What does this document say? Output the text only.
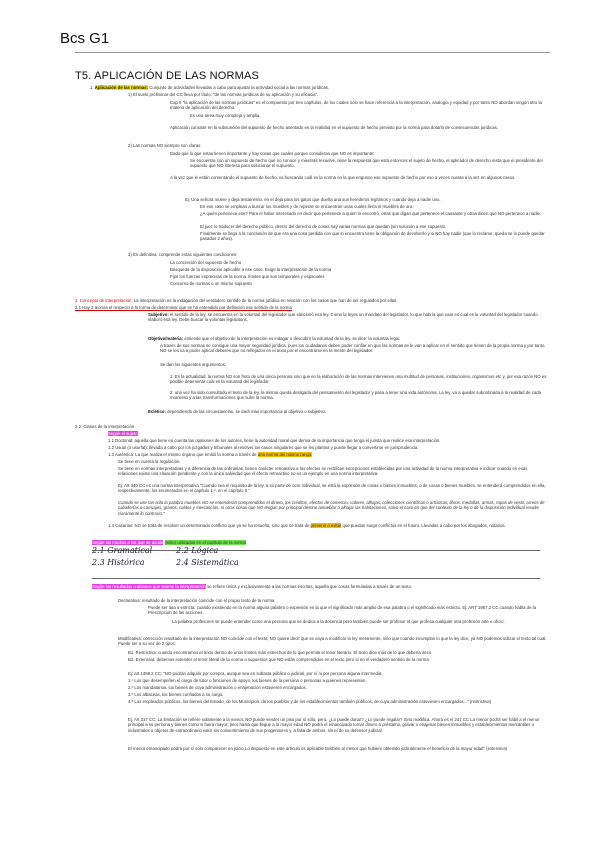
Bcs G1
T5. APLICACIÓN DE LAS NORMAS
1. Aplicación de las normas: Conjunto de actividades llevadas a cabo para ajustar la actividad social a las normas jurídicas.
1) El suelo preliminar del CC lleva por título: "de las normas jurídicas de su aplicación y su eficacia".
Cap II "la aplicación de las normas jurídicas" es el compuesto por tres capítulos, de los cuales sólo se hace referencia a la interpretación, analogía y equidad y por tanto NO abordan ningún otro la materia de aplicación del derecho.
Es una tarea muy compleja y amplia.
Aplicación consiste en la subsunción del supuesto de hecho asentado en la realidad en el supuesto de hecho previsto por la norma para dotarlo de consecuencias jurídicas.
2) Las normas NO siempre son claras
Dado que lo que estas tienen importante y hay cosas que cuales porque consideran que NO es importante:
Se encuentra con un supuesto de hecho que no conoce y mientras resuelve, tiene la respuesta que está entonces el sujeto de hecho, el aplicador de derecho resta que el presidente del supuesto que NO interesa para solucionar el supuesto.
A la vez que le están comentando el supuesto de hecho, va buscando cuál es la norma en la que engunce ese supuesto de hecho por eso a veces cuesta a la vez en algunos casos.
Ej: Una señora muere y deja testamento, en el deja para los gatos que dueña una sus herederos legítimos y cuando deja a nadie uno.
En ese caso se emplean a buscar los muebles y de repente se encuentran unas cuales llena el muebles de oro.
¿A quién pertenece ese? Para el haber interesado en decir que pertenece a quien lo encontró, otras que digan que pertenece el causante y otras dicen que NO pertenece a nadie.
El juez lo traducer del derecho público, dentro del derecho de cosas hay varias normas que quedan (sin solución a ese supuesto.
Finalmente se llegó a la conclusión de que era una cosa perdida con que lo encuentra tiene la obligación de devolverlo y si NO hay nadie (que lo reclame, queda se lo puede quedar pasados 2 años).
3) En definitiva, comprende estas siguientes condiciones:
La concreción del supuesto de hecho
Búsqueda de la disposición aplicable a ese caso. Exige la interpretación de la norma
Fijar los fuerzas imprecisas de la norma, límites que son temporales y espaciales
Concurso de normas o un mismo supuesto
2. Concepto de interpretación: La interpretación es la indagación del verdadero sentido de la norma jurídica en relación con los casos que han de ser regulados por ellas.
2.1 Hay 3 teorías el respecto a la forma de determinar que se ha entendido por definición ese sentido de la norma
Subjetivo: el sentido de la ley, se encuentra en la voluntad del legislador que sancionó esa ley. Como la leyes un mandato del legislador, lo que habría que usar es cual es la voluntad del legislador cuando elaboró esa ley. Debe buscar la voluntas legislatoris.
Objetivo/materia: entiende que el objetivo de la interpretación es indagar o descubrir la voluntad de la ley, se dice: la voluntas legis.
A través de sus normas se consigue una mayor seguridad jurídica, pues los ciudadanos deben poder confiar en que las normas se le van a aplicar en el sentido que tienen de la propia norma y por tanto, NO se les va a poder aplicar deberes que no reflejados en el texto por el encontrarse en la mente del legislador.
Se dan los siguientes argumentos:
1. En la actualidad, la norma NO son fruto de una única persona sino que en la elaboración de las normas intervienen una multitud de personas, instituciones, organismos etc y, por esa razón NO es posible determinar cuál es la voluntad del legislador.
2. una vez ha sido consultado el texto de la ley, la misma queda desligada del pensamiento del legislador y pasa a tener una vida autónoma. La ley, va a quedar subordinada a la realidad de cada momento y a las transformaciones que sufre la norma.
Eclético: dependiendo de las circunstancias, se dará más importancia al objetivo o subjetivo.
2.2. Clases de la interpretación
Según el sujeto
1.1 Doctrinal: aquella que tiene en cuenta las opiniones de los autores, tiene la autoridad moral que deriva de la importancia que tenga el jurista que realice esa interpretación.
1.2 Usual (o usurfal): llevada a cabo por los juzgados y tribunales al resolver los casos singulares que se les plantea y puede llegar a convertirse en jurisprudencia.
1.3 Auténtica: La que realiza el mismo órgano que emitió la norma a través de una norma del mismo rango.
Se tiene en cuenta la regulación.
Se tiene en normas interpretativas y a diferencia de las ordinarias, tienen carácter retroactivo a los efectos se rectifican excepciones establecidas por una actividad de la norma interpretativa e indicar cuando en esas relaciones existe una situación pendiente y con la única salvedad que el efecto retroactivo no es un ejemplo en una norma interpretativa.
Ej: Art 340 CC es una norma interpretativa "Cuando sea el requisito de la ley, a su parte de ocre individual, se está la expresión de cosas o bienes inmuebles, o de cosas o bienes muebles, se entenderá comprendidos en ella, respectivamente, los enumerados en el capítulo 1.º, en el capítulo II."
Cuando se use tan sólo la palabra muebles NO se entenderán comprendidos el dinero, los créditos, efectos de comercio, valores, alhajas, colecciones científicas o artísticas, libros, medallas, armas, ropas de vestir, arreos de caballerías o carruajes, granos, caldos y mercancías, ni otras cosas que NO tengan por principal destino amueblar o alhajar las habitaciones, salvo el caso en que del contexto de la ley o de la disposición individual resulte claramente lo contrario."
1.4 Casarias: NO se trata de resolver un determinado conflicto que ya se ha resuelto, sino que se trata de prevenir o evitar que puedan surgir conflictos en el futuro. Llevadas a cabo por los abogados, notarios.
Según los medios a los que se acude (Sólo) utilizados en el capítulo de la norma
2.1 Gramatical	2.2 Lógica
2.3 Histórica	2.4 Sistemática
Según los resultados o alcance que asume la interpretación se refiere única y exclusivamente a las normas escritas, aquella que cosas formuladas a través de un texto.
Declarativa: resultado de la interpretación coincide con el propio texto de la norma
Puede ser lata o estricta: cuando existiendo en la norma alguna palabra o expresión en la que el significado más amplio de esa palabra o el significado más estricto. Ej: ART 1967.2 CC cuando habla de la Prescripción de las acciones.
La palabra profesores se puede entender como una persona que se dedica a la docencia pero también puede ser profesor el que profesa cualquier otra profesión arte u oficio.
Modificativa: corrección resultado de la interpretación NO coincide con el texto, NO quiere decir que se vaya a modificar la ley meramente, sino que cuando incumplan lo que la ley dice, ya NO podemos utilizar el texto tal cual. Puede ser a su vez de 2 tipos:
B1. Restrictiva: cuando encontramos el texto dentro de unos límites más estrechos de lo que permite el tenor literario. El texto dice más de lo que debería decir.
B2. Extensiva: debemos extender el tenor literal de la norma a supuestos que NO están comprendidos en el texto pero sí en el verdadero sentido de la norma.
Ej: art 1459.2 CC: "NO podrán adquirir por compra, aunque sea en subasta pública o judicial, por sí ni por persona alguna intermedia:
1.º Los que desempeñen el cargo de tutor o funciones de apoyo, los bienes de la persona o personas a quienes representen.
2.º Los mandatarios, los bienes de cuya administración o enajenación estuvieren encargados.
3.º Los albaceas, los bienes confiados a su cargo.
4.º Los empleados públicos, los bienes del Estado, de los Municipios, de los pueblos y de los establecimientos también públicos, de cuya administración estuviesen encargados..." (restrictiva)
Ej: Art 317 CC: La limitación se refiere solamente a la menor, NO puede vender un piso por sí sólo, pero, ¿Lo puede donar? ¿Lo puede regalar? Sino modifica. Ahora es el 247 CC La menor podrá ser hábil a el menor principal a su persona y bienes como si fuera mayor; pero hasta que llegue a la mayor edad NO podrá el emancipado tomar dinero a préstamo, gravar o enajenar bienes inmuebles y establecimientos mercantiles o industriales u objetos de extraordinario valor sin consentimiento de sus progenitores y, a falta de ambos, sin el de su defensor judicial.
El menor emancipado podrá por sí solo comparecer en juicio.Lo dispuesto en este artículo es aplicable también al menor que hubiere obtenido judicialmente el beneficio de la mayor edad" (extensiva)
